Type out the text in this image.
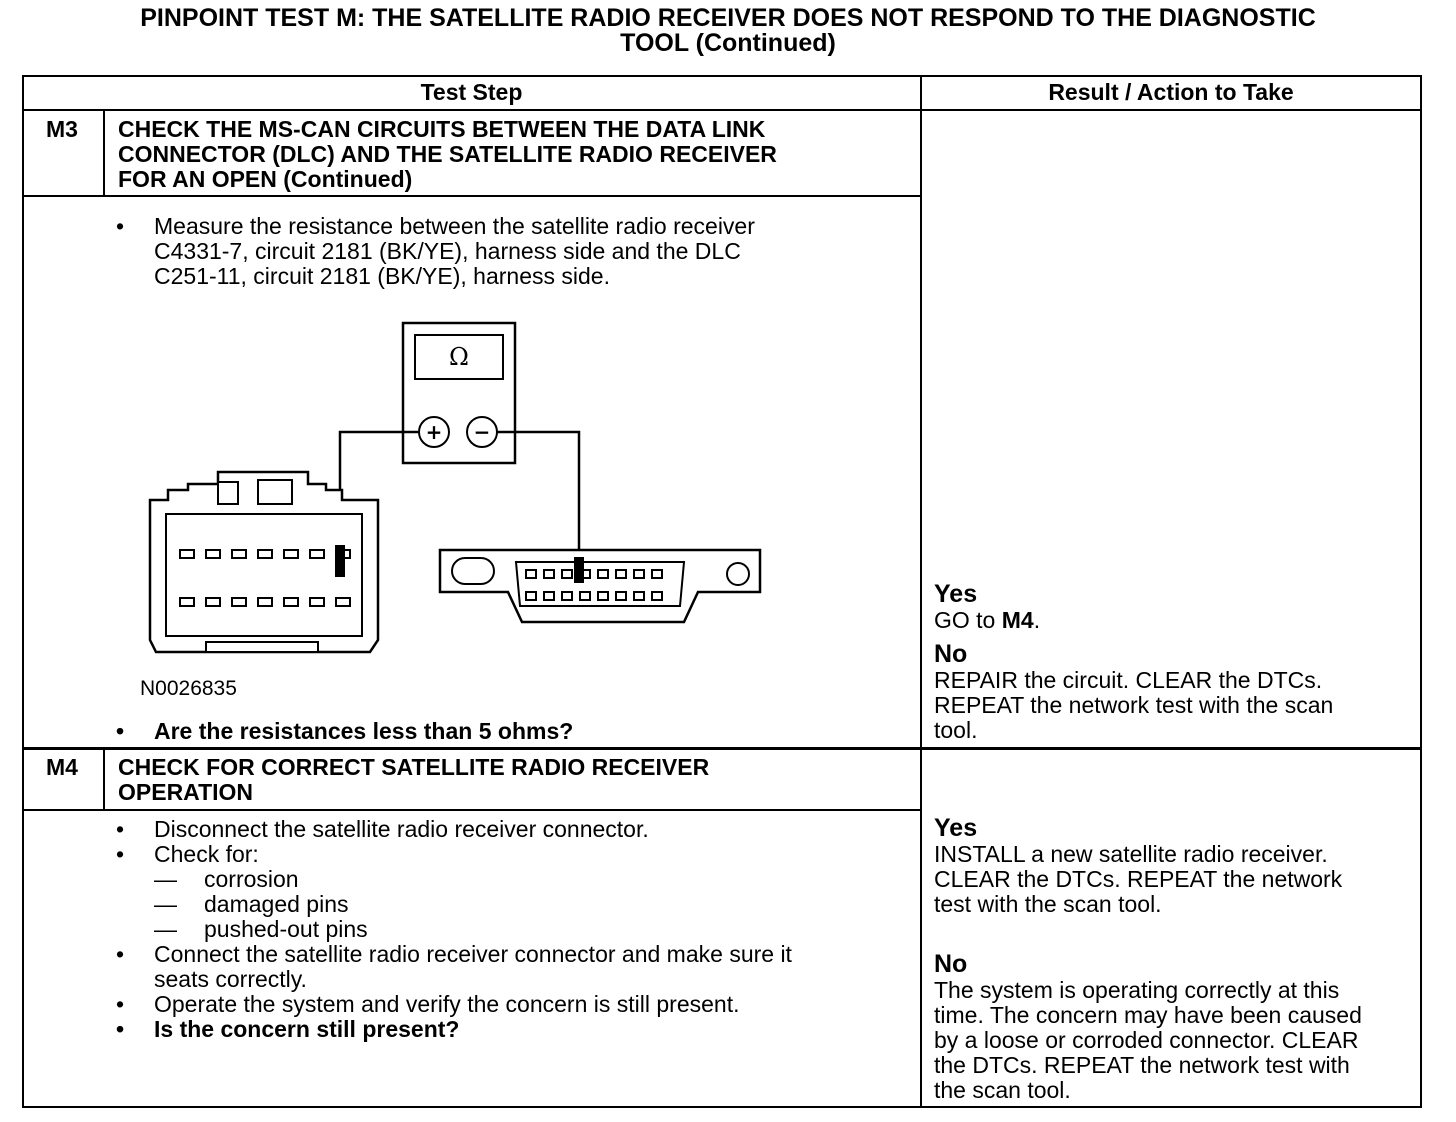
PINPOINT TEST M: THE SATELLITE RADIO RECEIVER DOES NOT RESPOND TO THE DIAGNOSTIC
TOOL (Continued)
Test Step	Result / Action to Take
M3 CHECK THE MS-CAN CIRCUITS BETWEEN THE DATA LINK
CONNECTOR (DLC) AND THE SATELLITE RADIO RECEIVER
FOR AN OPEN (Continued)
• Measure the resistance between the satellite radio receiver
C4331-7, circuit 2181 (BK/YE), harness side and the DLC
C251-11, circuit 2181 (BK/YE), harness side.
Ω
+ −
N0026835
• Are the resistances less than 5 ohms?
Yes
GO to M4.
No
REPAIR the circuit. CLEAR the DTCs.
REPEAT the network test with the scan
tool.
M4 CHECK FOR CORRECT SATELLITE RADIO RECEIVER
OPERATION
• Disconnect the satellite radio receiver connector.
• Check for:
— corrosion
— damaged pins
— pushed-out pins
• Connect the satellite radio receiver connector and make sure it
seats correctly.
• Operate the system and verify the concern is still present.
• Is the concern still present?
Yes
INSTALL a new satellite radio receiver.
CLEAR the DTCs. REPEAT the network
test with the scan tool.
No
The system is operating correctly at this
time. The concern may have been caused
by a loose or corroded connector. CLEAR
the DTCs. REPEAT the network test with
the scan tool.
